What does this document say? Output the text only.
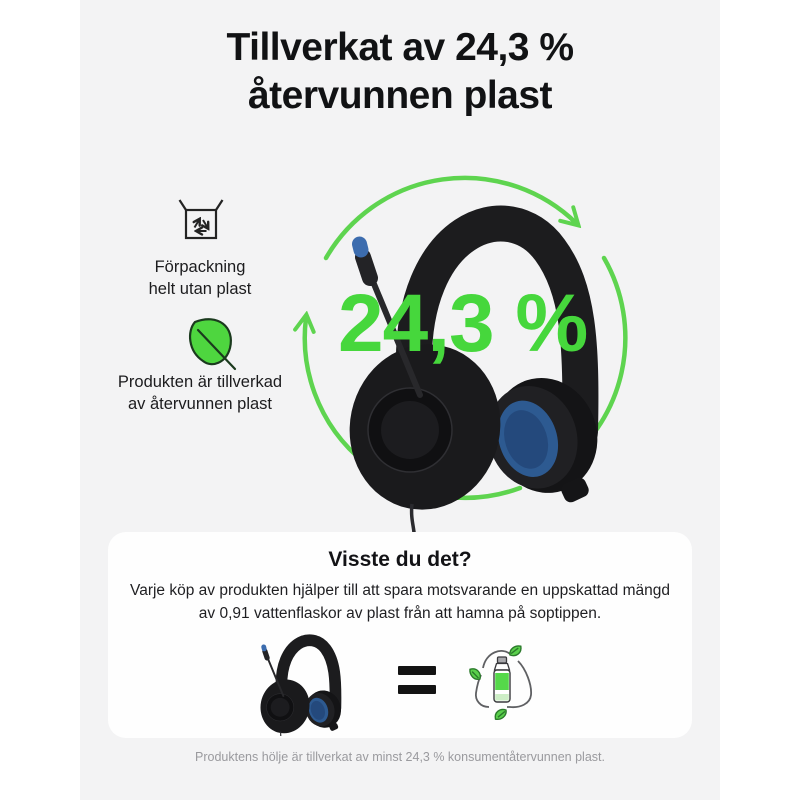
Tillverkat av 24,3 %
återvunnen plast
Förpackning
helt utan plast
Produkten är tillverkad
av återvunnen plast
24,3 %
Visste du det?
Varje köp av produkten hjälper till att spara motsvarande en uppskattad mängd av 0,91 vattenflaskor av plast från att hamna på soptippen.
Produktens hölje är tillverkat av minst 24,3 % konsumentåtervunnen plast.
